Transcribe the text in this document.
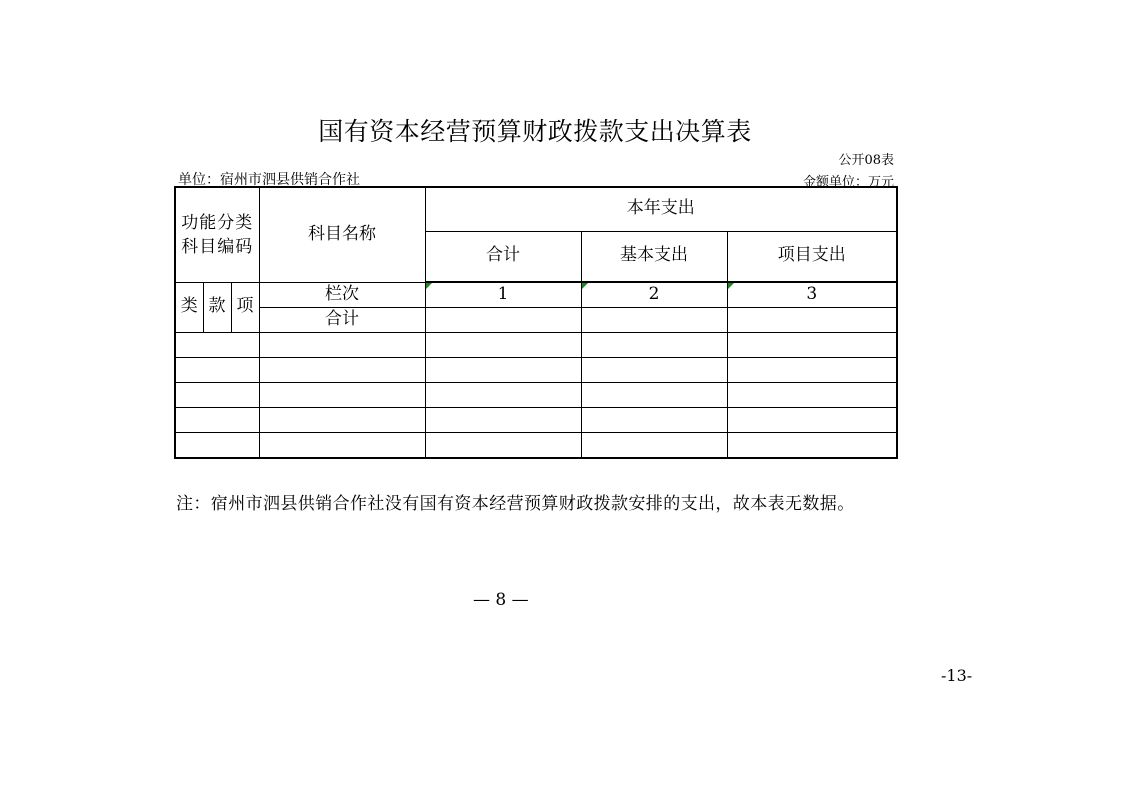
国有资本经营预算财政拨款支出决算表
公开08表
单位：宿州市泗县供销合作社	金额单位：万元
功能分类科目编码			科目名称	本年支出		
				合计	基本支出	项目支出
类	款	项	栏次	1	2	3
			合计			

注：宿州市泗县供销合作社没有国有资本经营预算财政拨款安排的支出，故本表无数据。
— 8 —
-13-
